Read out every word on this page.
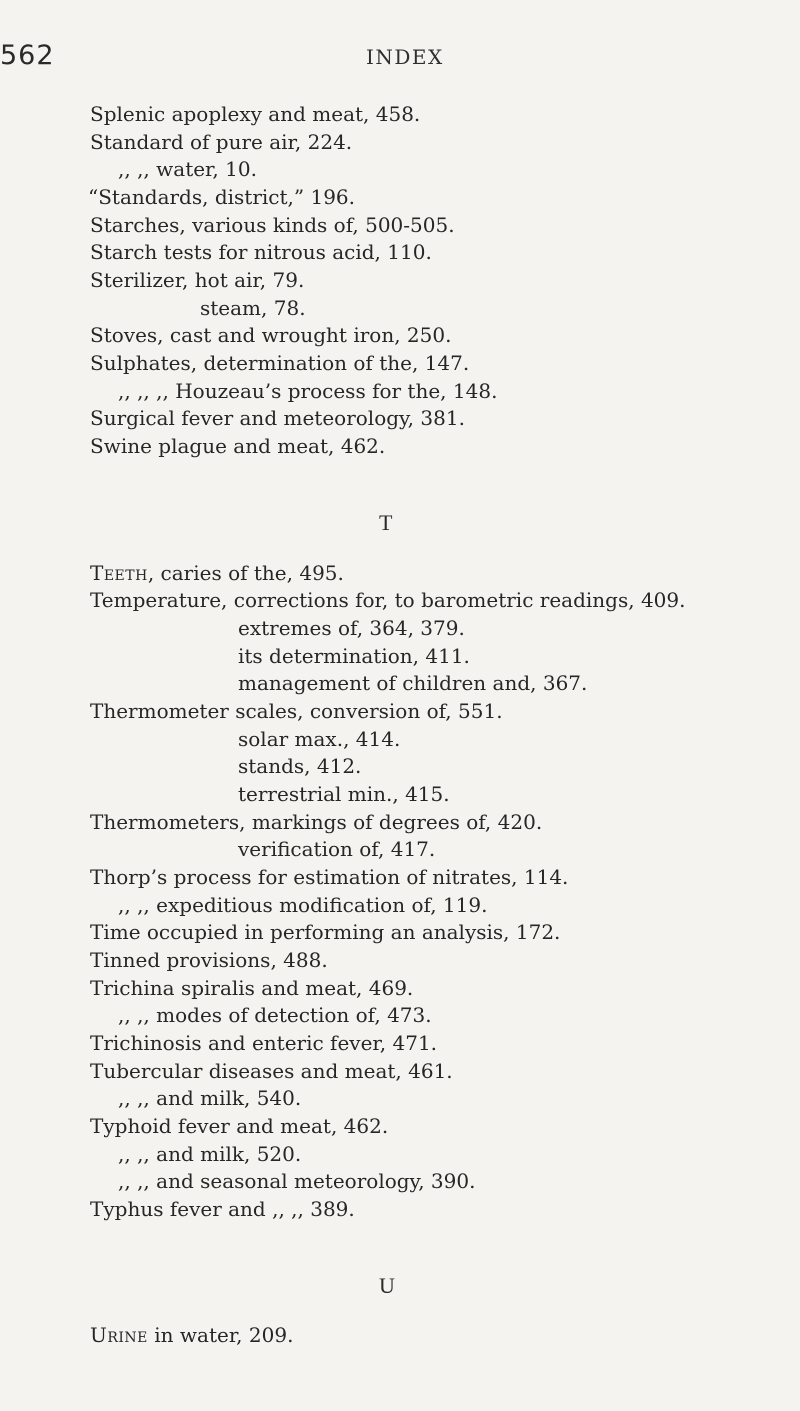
562	INDEX
Splenic apoplexy and meat, 458.
Standard of pure air, 224.
,, ,, water, 10.
“Standards, district,” 196.
Starches, various kinds of, 500-505.
Starch tests for nitrous acid, 110.
Sterilizer, hot air, 79.
steam, 78.
Stoves, cast and wrought iron, 250.
Sulphates, determination of the, 147.
,, ,, ,, Houzeau’s process for the, 148.
Surgical fever and meteorology, 381.
Swine plague and meat, 462.
T
Teeth, caries of the, 495.
Temperature, corrections for, to barometric readings, 409.
extremes of, 364, 379.
its determination, 411.
management of children and, 367.
Thermometer scales, conversion of, 551.
solar max., 414.
stands, 412.
terrestrial min., 415.
Thermometers, markings of degrees of, 420.
verification of, 417.
Thorp’s process for estimation of nitrates, 114.
,, ,, expeditious modification of, 119.
Time occupied in performing an analysis, 172.
Tinned provisions, 488.
Trichina spiralis and meat, 469.
,, ,, modes of detection of, 473.
Trichinosis and enteric fever, 471.
Tubercular diseases and meat, 461.
,, ,, and milk, 540.
Typhoid fever and meat, 462.
,, ,, and milk, 520.
,, ,, and seasonal meteorology, 390.
Typhus fever and ,, ,, 389.
U
Urine in water, 209.
